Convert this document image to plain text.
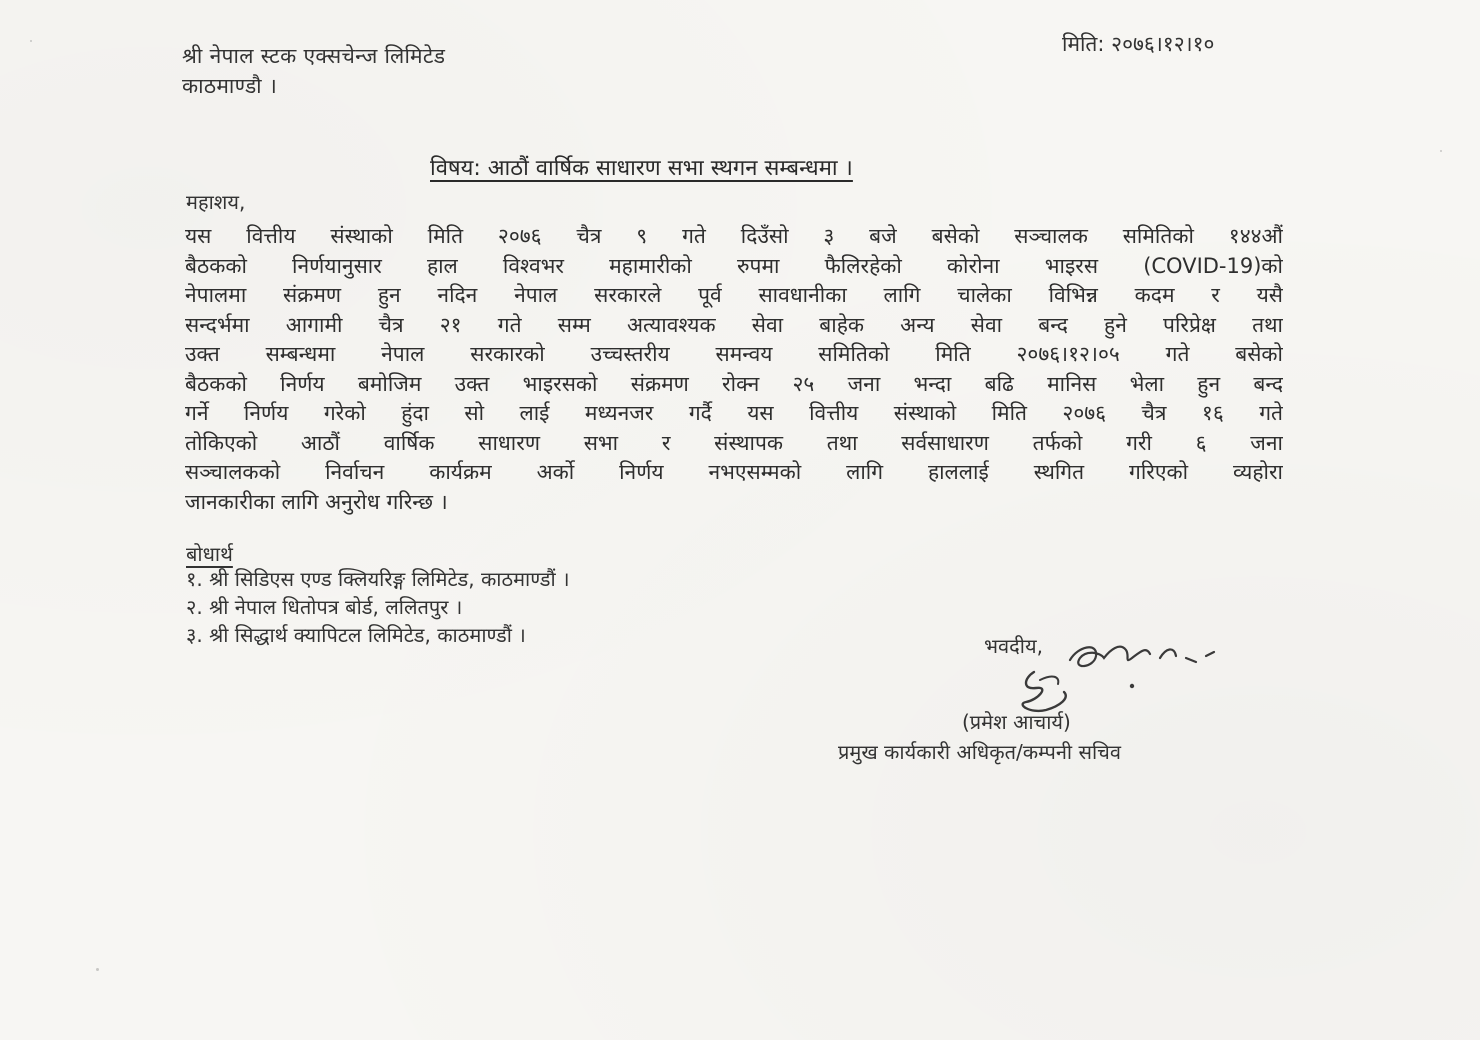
श्री नेपाल स्टक एक्सचेन्ज लिमिटेड
काठमाण्डौ ।
मिति: २०७६।१२।१०
विषय: आठौं वार्षिक साधारण सभा स्थगन सम्बन्धमा ।
महाशय,
यस वित्तीय संस्थाको मिति २०७६ चैत्र ९ गते दिउँसो ३ बजे बसेको सञ्चालक समितिको १४४औं
बैठकको निर्णयानुसार हाल विश्वभर महामारीको रुपमा फैलिरहेको कोरोना भाइरस (COVID-19)को
नेपालमा संक्रमण हुन नदिन नेपाल सरकारले पूर्व सावधानीका लागि चालेका विभिन्न कदम र यसै
सन्दर्भमा आगामी चैत्र २१ गते सम्म अत्यावश्यक सेवा बाहेक अन्य सेवा बन्द हुने परिप्रेक्ष तथा
उक्त सम्बन्धमा नेपाल सरकारको उच्चस्तरीय समन्वय समितिको मिति २०७६।१२।०५ गते बसेको
बैठकको निर्णय बमोजिम उक्त भाइरसको संक्रमण रोक्न २५ जना भन्दा बढि मानिस भेला हुन बन्द
गर्ने निर्णय गरेको हुंदा सो लाई मध्यनजर गर्दै यस वित्तीय संस्थाको मिति २०७६ चैत्र १६ गते
तोकिएको आठौं वार्षिक साधारण सभा र संस्थापक तथा सर्वसाधारण तर्फको गरी ६ जना
सञ्चालकको निर्वाचन कार्यक्रम अर्को निर्णय नभएसम्मको लागि हाललाई स्थगित गरिएको व्यहोरा
जानकारीका लागि अनुरोध गरिन्छ ।
बोधार्थ
१. श्री सिडिएस एण्ड क्लियरिङ्ग लिमिटेड, काठमाण्डौं ।
२. श्री नेपाल धितोपत्र बोर्ड, ललितपुर ।
३. श्री सिद्धार्थ क्यापिटल लिमिटेड, काठमाण्डौं ।	भवदीय,
(प्रमेश आचार्य)
प्रमुख कार्यकारी अधिकृत/कम्पनी सचिव
